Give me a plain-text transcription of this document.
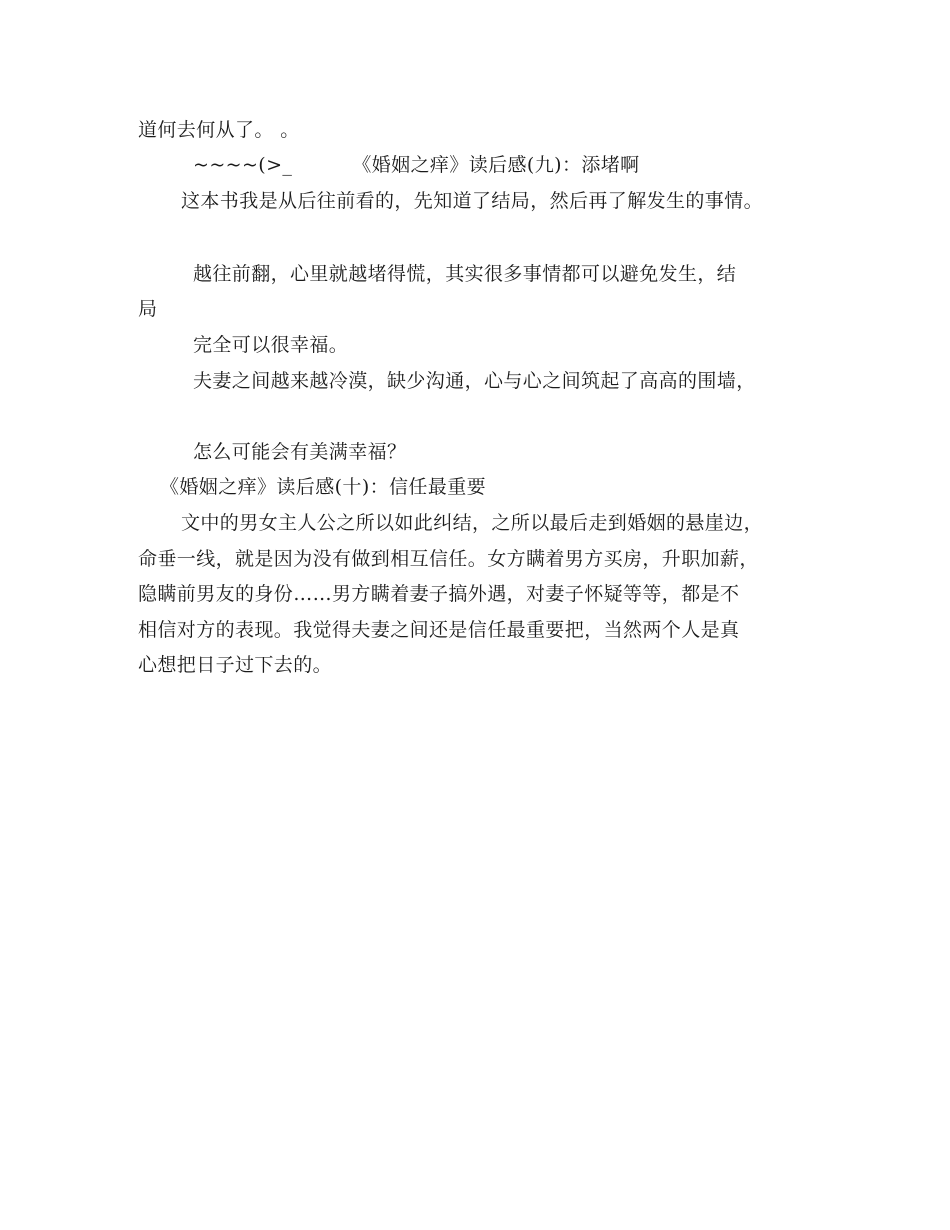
道何去何从了。 。
~~~~(>_	《婚姻之痒》读后感(九)：添堵啊
这本书我是从后往前看的，先知道了结局，然后再了解发生的事情。
越往前翻，心里就越堵得慌，其实很多事情都可以避免发生，结
局
完全可以很幸福。
夫妻之间越来越冷漠，缺少沟通，心与心之间筑起了高高的围墙，
怎么可能会有美满幸福？
《婚姻之痒》读后感(十)：信任最重要
文中的男女主人公之所以如此纠结，之所以最后走到婚姻的悬崖边，
命垂一线，就是因为没有做到相互信任。女方瞒着男方买房，升职加薪，
隐瞒前男友的身份……男方瞒着妻子搞外遇，对妻子怀疑等等，都是不
相信对方的表现。我觉得夫妻之间还是信任最重要把，当然两个人是真
心想把日子过下去的。
